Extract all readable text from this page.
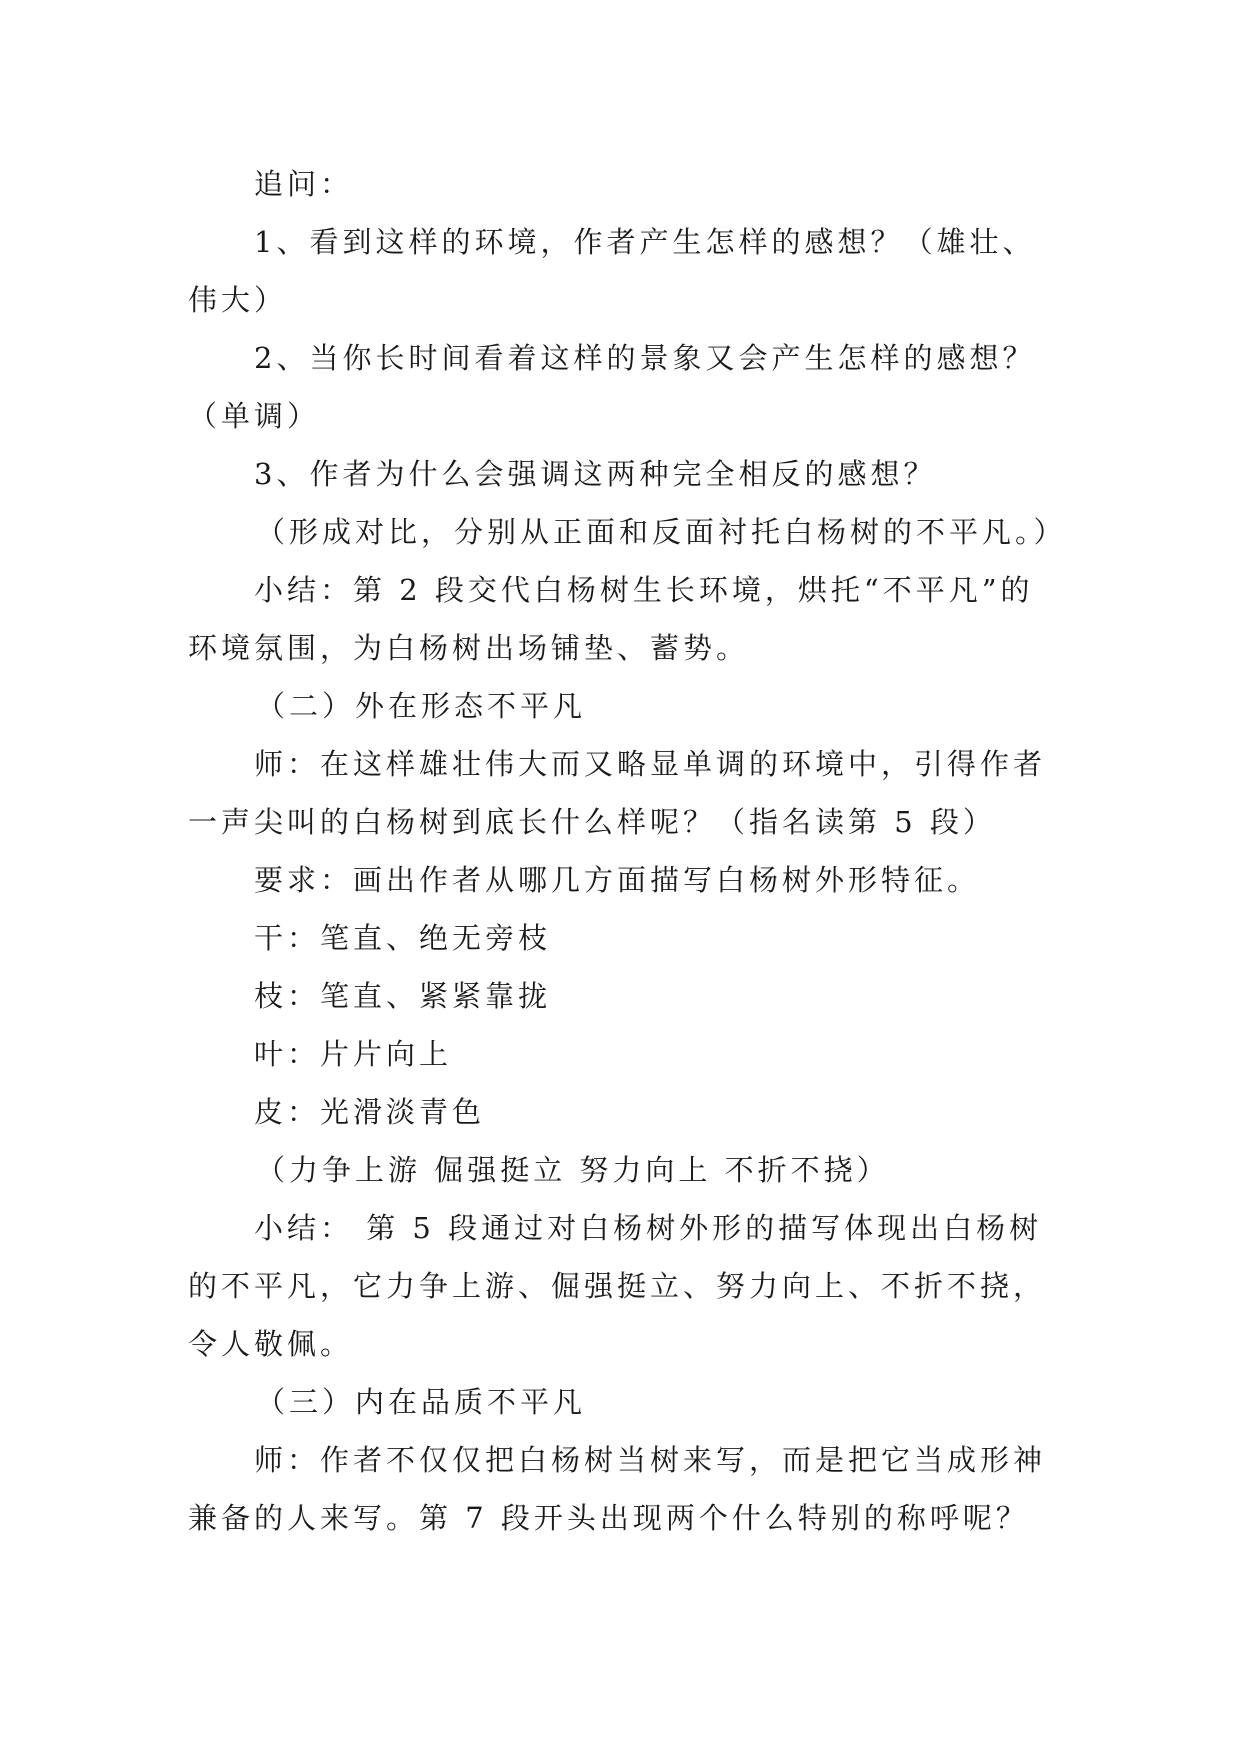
追问：
1、看到这样的环境，作者产生怎样的感想？（雄壮、
伟大）
2、当你长时间看着这样的景象又会产生怎样的感想？
（单调）
3、作者为什么会强调这两种完全相反的感想？
（形成对比，分别从正面和反面衬托白杨树的不平凡。）
小结：第 2 段交代白杨树生长环境，烘托“不平凡”的
环境氛围，为白杨树出场铺垫、蓄势。
（二）外在形态不平凡
师：在这样雄壮伟大而又略显单调的环境中，引得作者
一声尖叫的白杨树到底长什么样呢？（指名读第 5 段）
要求：画出作者从哪几方面描写白杨树外形特征。
干：笔直、绝无旁枝
枝：笔直、紧紧靠拢
叶：片片向上
皮：光滑淡青色
（力争上游 倔强挺立 努力向上 不折不挠）
小结： 第 5 段通过对白杨树外形的描写体现出白杨树
的不平凡，它力争上游、倔强挺立、努力向上、不折不挠，
令人敬佩。
（三）内在品质不平凡
师：作者不仅仅把白杨树当树来写，而是把它当成形神
兼备的人来写。第 7 段开头出现两个什么特别的称呼呢？
